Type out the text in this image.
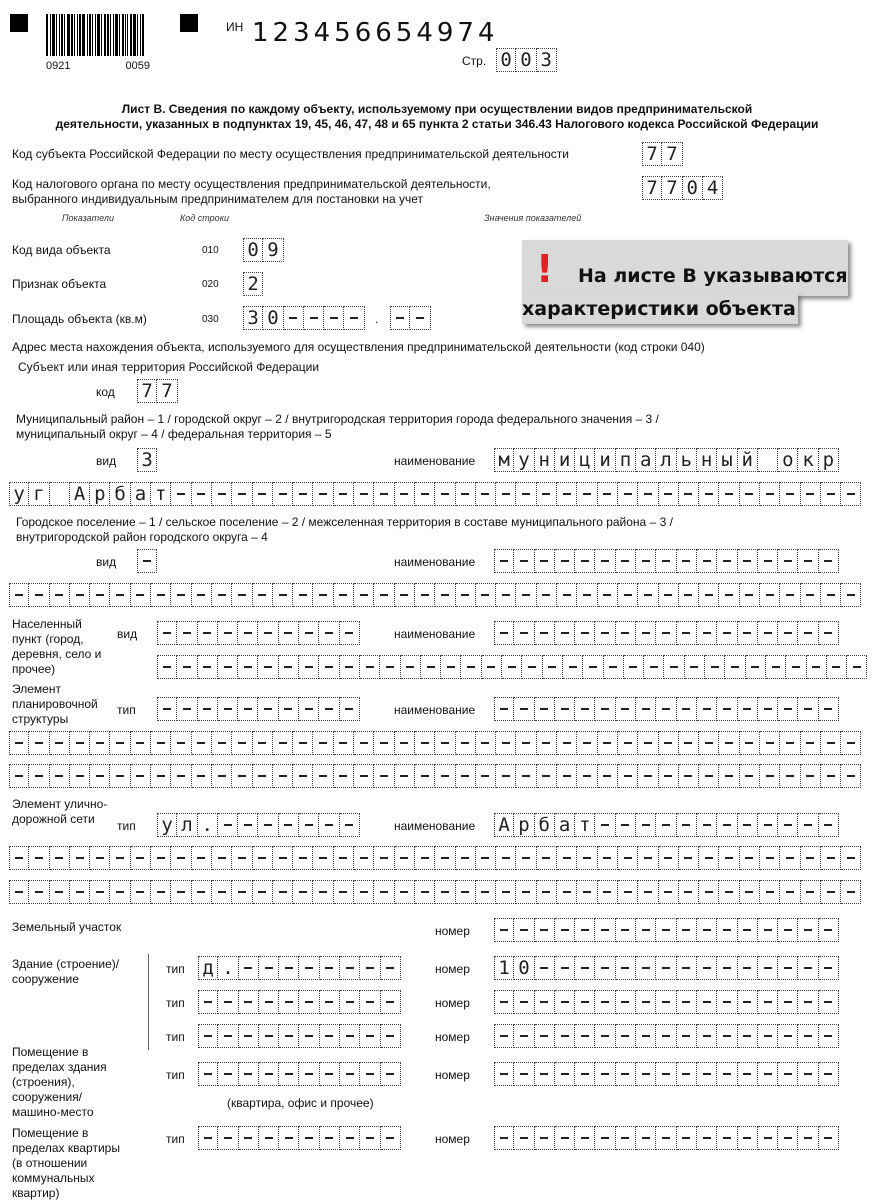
0921	0059
ИН 123456654974
Стр. 0 0 3
Лист В. Сведения по каждому объекту, используемому при осуществлении видов предпринимательской
деятельности, указанных в подпунктах 19, 45, 46, 47, 48 и 65 пункта 2 статьи 346.43 Налогового кодекса Российской Федерации
Код субъекта Российской Федерации по месту осуществления предпринимательской деятельности	7 7
Код налогового органа по месту осуществления предпринимательской деятельности,
выбранного индивидуальным предпринимателем для постановки на учет	7 7 0 4
Показатели	Код строки	Значения показателей
Код вида объекта	010 0 9
Признак объекта	020 2
Площадь объекта (кв.м)	030 3 0	.
! На листе В указываются
характеристики объекта
Адрес места нахождения объекта, используемого для осуществления предпринимательской деятельности (код строки 040)
Субъект или иная территория Российской Федерации
код 7 7
Муниципальный район – 1 / городской округ – 2 / внутригородская территория города федерального значения – 3 /
муниципальный округ – 4 / федеральная территория – 5
вид 3	наименование м у н и ц и п а л ь н ы й о к р
у г А р б а т
Городское поселение – 1 / сельское поселение – 2 / межселенная территория в составе муниципального района – 3 /
внутригородской район городского округа – 4
вид	наименование
Населенный пункт (город, деревня, село и прочее)
вид	наименование
Элемент планировочной структуры
тип	наименование
Элемент улично-дорожной сети	тип у л .	наименование А р б а т
Земельный участок	номер
Здание (строение)/ сооружение
тип д .	номер 1 0
тип	номер
тип	номер
Помещение в пределах здания (строения), сооружения/ машино-место
тип	номер
(квартира, офис и прочее)
Помещение в пределах квартиры (в отношении коммунальных квартир)
тип	номер
